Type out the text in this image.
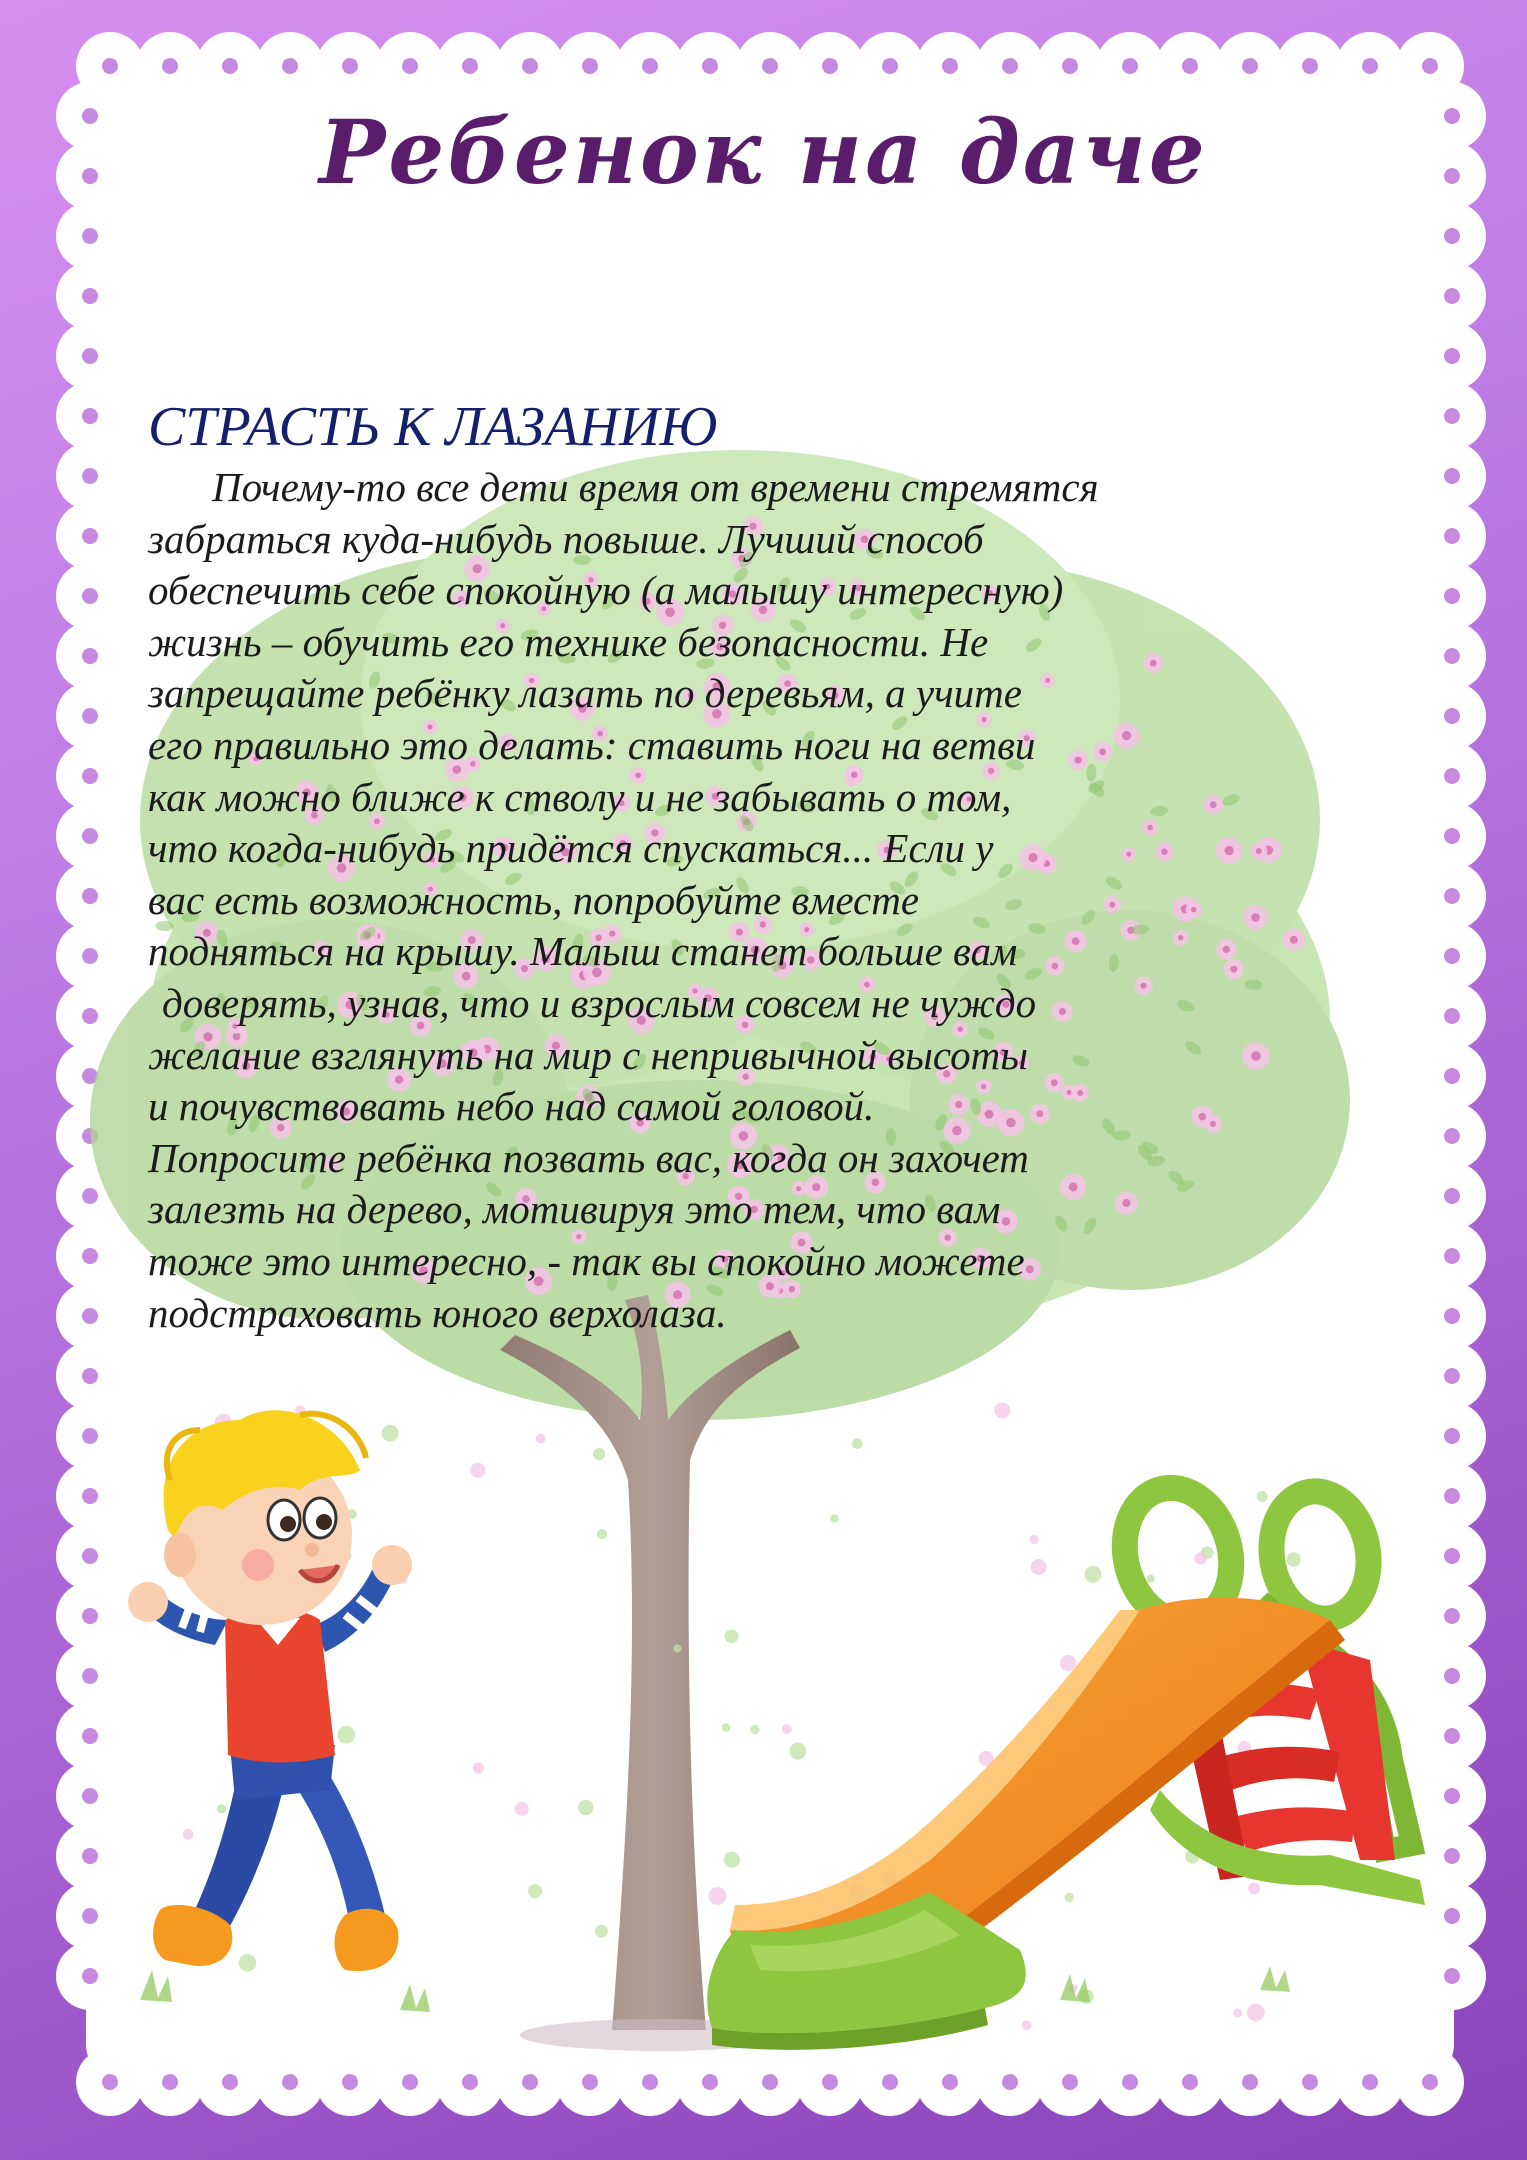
Ребенок на даче
СТРАСТЬ К ЛАЗАНИЮ

Почему-то все дети время от времени стремятся
забраться куда-нибудь повыше. Лучший способ
обеспечить себе спокойную (а малышу интересную)
жизнь – обучить его технике безопасности. Не
запрещайте ребёнку лазать по деревьям, а учите
его правильно это делать: ставить ноги на ветви
как можно ближе к стволу и не забывать о том,
что когда-нибудь придётся спускаться... Если у
вас есть возможность, попробуйте вместе
подняться на крышу. Малыш станет больше вам
доверять, узнав, что и взрослым совсем не чуждо
желание взглянуть на мир с непривычной высоты
и почувствовать небо над самой головой.
Попросите ребёнка позвать вас, когда он захочет
залезть на дерево, мотивируя это тем, что вам
тоже это интересно, - так вы спокойно можете
подстраховать юного верхолаза.
